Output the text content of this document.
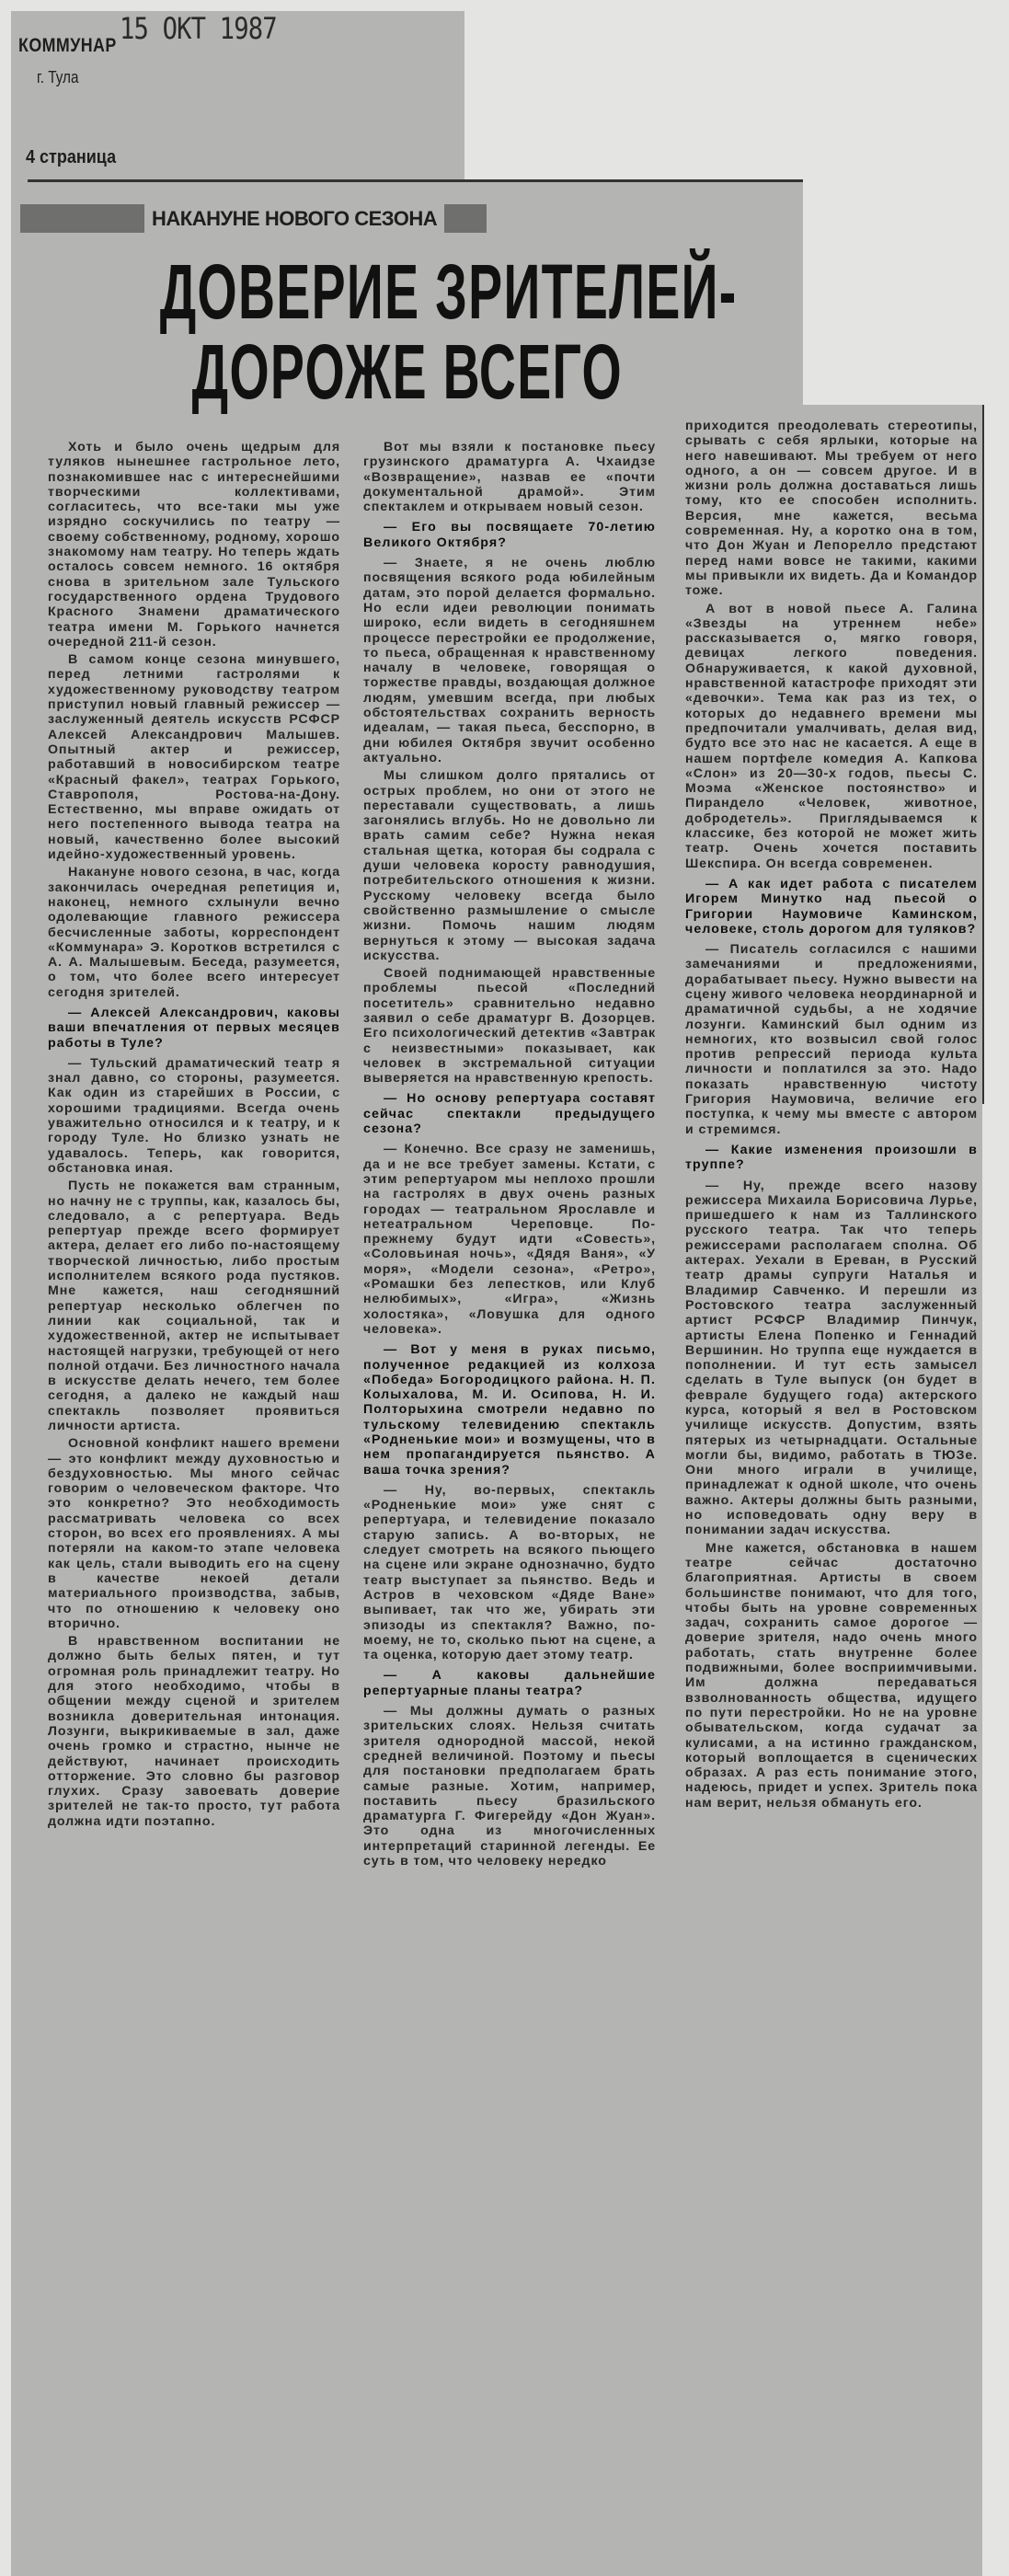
КОММУНАР
г. Тула
15 ОКТ 1987
4 страница
НАКАНУНЕ НОВОГО СЕЗОНА
ДОВЕРИЕ ЗРИТЕЛЕЙ-
ДОРОЖЕ ВСЕГО

Хоть и было очень щедрым для туляков нынешнее гастрольное лето, познакомившее нас с интереснейшими творческими коллективами, согласитесь, что все-таки мы уже изрядно соскучились по театру — своему собственному, родному, хорошо знакомому нам театру. Но теперь ждать осталось совсем немного. 16 октября снова в зрительном зале Тульского государственного ордена Трудового Красного Знамени драматического театра имени М. Горького начнется очередной 211-й сезон.

В самом конце сезона минувшего, перед летними гастролями к художественному руководству театром приступил новый главный режиссер — заслуженный деятель искусств РСФСР Алексей Александрович Малышев. Опытный актер и режиссер, работавший в новосибирском театре «Красный факел», театрах Горького, Ставрополя, Ростова-на-Дону. Естественно, мы вправе ожидать от него постепенного вывода театра на новый, качественно более высокий идейно-художественный уровень.

Накануне нового сезона, в час, когда закончилась очередная репетиция и, наконец, немного схлынули вечно одолевающие главного режиссера бесчисленные заботы, корреспондент «Коммунара» Э. Коротков встретился с А. А. Малышевым. Беседа, разумеется, о том, что более всего интересует сегодня зрителей.

— Алексей Александрович, каковы ваши впечатления от первых месяцев работы в Туле?

— Тульский драматический театр я знал давно, со стороны, разумеется. Как один из старейших в России, с хорошими традициями. Всегда очень уважительно относился и к театру, и к городу Туле. Но близко узнать не удавалось. Теперь, как говорится, обстановка иная.

Пусть не покажется вам странным, но начну не с труппы, как, казалось бы, следовало, а с репертуара. Ведь репертуар прежде всего формирует актера, делает его либо по-настоящему творческой личностью, либо простым исполнителем всякого рода пустяков. Мне кажется, наш сегодняшний репертуар несколько облегчен по линии как социальной, так и художественной, актер не испытывает настоящей нагрузки, требующей от него полной отдачи. Без личностного начала в искусстве делать нечего, тем более сегодня, а далеко не каждый наш спектакль позволяет проявиться личности артиста.

Основной конфликт нашего времени — это конфликт между духовностью и бездуховностью. Мы много сейчас говорим о человеческом факторе. Что это конкретно? Это необходимость рассматривать человека со всех сторон, во всех его проявлениях. А мы потеряли на каком-то этапе человека как цель, стали выводить его на сцену в качестве некоей детали материального производства, забыв, что по отношению к человеку оно вторично.

В нравственном воспитании не должно быть белых пятен, и тут огромная роль принадлежит театру. Но для этого необходимо, чтобы в общении между сценой и зрителем возникла доверительная интонация. Лозунги, выкрикиваемые в зал, даже очень громко и страстно, нынче не действуют, начинает происходить отторжение. Это словно бы разговор глухих. Сразу завоевать доверие зрителей не так-то просто, тут работа должна идти поэтапно.

Вот мы взяли к постановке пьесу грузинского драматурга А. Чхаидзе «Возвращение», назвав ее «почти документальной драмой». Этим спектаклем и открываем новый сезон.

— Его вы посвящаете 70-летию Великого Октября?

— Знаете, я не очень люблю посвящения всякого рода юбилейным датам, это порой делается формально. Но если идеи революции понимать широко, если видеть в сегодняшнем процессе перестройки ее продолжение, то пьеса, обращенная к нравственному началу в человеке, говорящая о торжестве правды, воздающая должное людям, умевшим всегда, при любых обстоятельствах сохранить верность идеалам, — такая пьеса, бесспорно, в дни юбилея Октября звучит особенно актуально.

Мы слишком долго прятались от острых проблем, но они от этого не переставали существовать, а лишь загонялись вглубь. Но не довольно ли врать самим себе? Нужна некая стальная щетка, которая бы содрала с души человека коросту равнодушия, потребительского отношения к жизни. Русскому человеку всегда было свойственно размышление о смысле жизни. Помочь нашим людям вернуться к этому — высокая задача искусства.

Своей поднимающей нравственные проблемы пьесой «Последний посетитель» сравнительно недавно заявил о себе драматург В. Дозорцев. Его психологический детектив «Завтрак с неизвестными» показывает, как человек в экстремальной ситуации выверяется на нравственную крепость.

— Но основу репертуара составят сейчас спектакли предыдущего сезона?

— Конечно. Все сразу не заменишь, да и не все требует замены. Кстати, с этим репертуаром мы неплохо прошли на гастролях в двух очень разных городах — театральном Ярославле и нетеатральном Череповце. По-прежнему будут идти «Совесть», «Соловьиная ночь», «Дядя Ваня», «У моря», «Модели сезона», «Ретро», «Ромашки без лепестков, или Клуб нелюбимых», «Игра», «Жизнь холостяка», «Ловушка для одного человека».

— Вот у меня в руках письмо, полученное редакцией из колхоза «Победа» Богородицкого района. Н. П. Колыхалова, М. И. Осипова, Н. И. Полторыхина смотрели недавно по тульскому телевидению спектакль «Родненькие мои» и возмущены, что в нем пропагандируется пьянство. А ваша точка зрения?

— Ну, во-первых, спектакль «Родненькие мои» уже снят с репертуара, и телевидение показало старую запись. А во-вторых, не следует смотреть на всякого пьющего на сцене или экране однозначно, будто театр выступает за пьянство. Ведь и Астров в чеховском «Дяде Ване» выпивает, так что же, убирать эти эпизоды из спектакля? Важно, по-моему, не то, сколько пьют на сцене, а та оценка, которую дает этому театр.

— А каковы дальнейшие репертуарные планы театра?

— Мы должны думать о разных зрительских слоях. Нельзя считать зрителя однородной массой, некой средней величиной. Поэтому и пьесы для постановки предполагаем брать самые разные. Хотим, например, поставить пьесу бразильского драматурга Г. Фигерейду «Дон Жуан». Это одна из многочисленных интерпретаций старинной легенды. Ее суть в том, что человеку нередко

приходится преодолевать стереотипы, срывать с себя ярлыки, которые на него навешивают. Мы требуем от него одного, а он — совсем другое. И в жизни роль должна доставаться лишь тому, кто ее способен исполнить. Версия, мне кажется, весьма современная. Ну, а коротко она в том, что Дон Жуан и Лепорелло предстают перед нами вовсе не такими, какими мы привыкли их видеть. Да и Командор тоже.

А вот в новой пьесе А. Галина «Звезды на утреннем небе» рассказывается о, мягко говоря, девицах легкого поведения. Обнаруживается, к какой духовной, нравственной катастрофе приходят эти «девочки». Тема как раз из тех, о которых до недавнего времени мы предпочитали умалчивать, делая вид, будто все это нас не касается. А еще в нашем портфеле комедия А. Капкова «Слон» из 20—30-х годов, пьесы С. Моэма «Женское постоянство» и Пирандело «Человек, животное, добродетель». Приглядываемся к классике, без которой не может жить театр. Очень хочется поставить Шекспира. Он всегда современен.

— А как идет работа с писателем Игорем Минутко над пьесой о Григории Наумовиче Каминском, человеке, столь дорогом для туляков?

— Писатель согласился с нашими замечаниями и предложениями, дорабатывает пьесу. Нужно вывести на сцену живого человека неординарной и драматичной судьбы, а не ходячие лозунги. Каминский был одним из немногих, кто возвысил свой голос против репрессий периода культа личности и поплатился за это. Надо показать нравственную чистоту Григория Наумовича, величие его поступка, к чему мы вместе с автором и стремимся.

— Какие изменения произошли в труппе?

— Ну, прежде всего назову режиссера Михаила Борисовича Лурье, пришедшего к нам из Таллинского русского театра. Так что теперь режиссерами располагаем сполна. Об актерах. Уехали в Ереван, в Русский театр драмы супруги Наталья и Владимир Савченко. И перешли из Ростовского театра заслуженный артист РСФСР Владимир Пинчук, артисты Елена Попенко и Геннадий Вершинин. Но труппа еще нуждается в пополнении. И тут есть замысел сделать в Туле выпуск (он будет в феврале будущего года) актерского курса, который я вел в Ростовском училище искусств. Допустим, взять пятерых из четырнадцати. Остальные могли бы, видимо, работать в ТЮЗе. Они много играли в училище, принадлежат к одной школе, что очень важно. Актеры должны быть разными, но исповедовать одну веру в понимании задач искусства.

Мне кажется, обстановка в нашем театре сейчас достаточно благоприятная. Артисты в своем большинстве понимают, что для того, чтобы быть на уровне современных задач, сохранить самое дорогое — доверие зрителя, надо очень много работать, стать внутренне более подвижными, более восприимчивыми. Им должна передаваться взволнованность общества, идущего по пути перестройки. Но не на уровне обывательском, когда судачат за кулисами, а на истинно гражданском, который воплощается в сценических образах. А раз есть понимание этого, надеюсь, придет и успех. Зритель пока нам верит, нельзя обмануть его.
